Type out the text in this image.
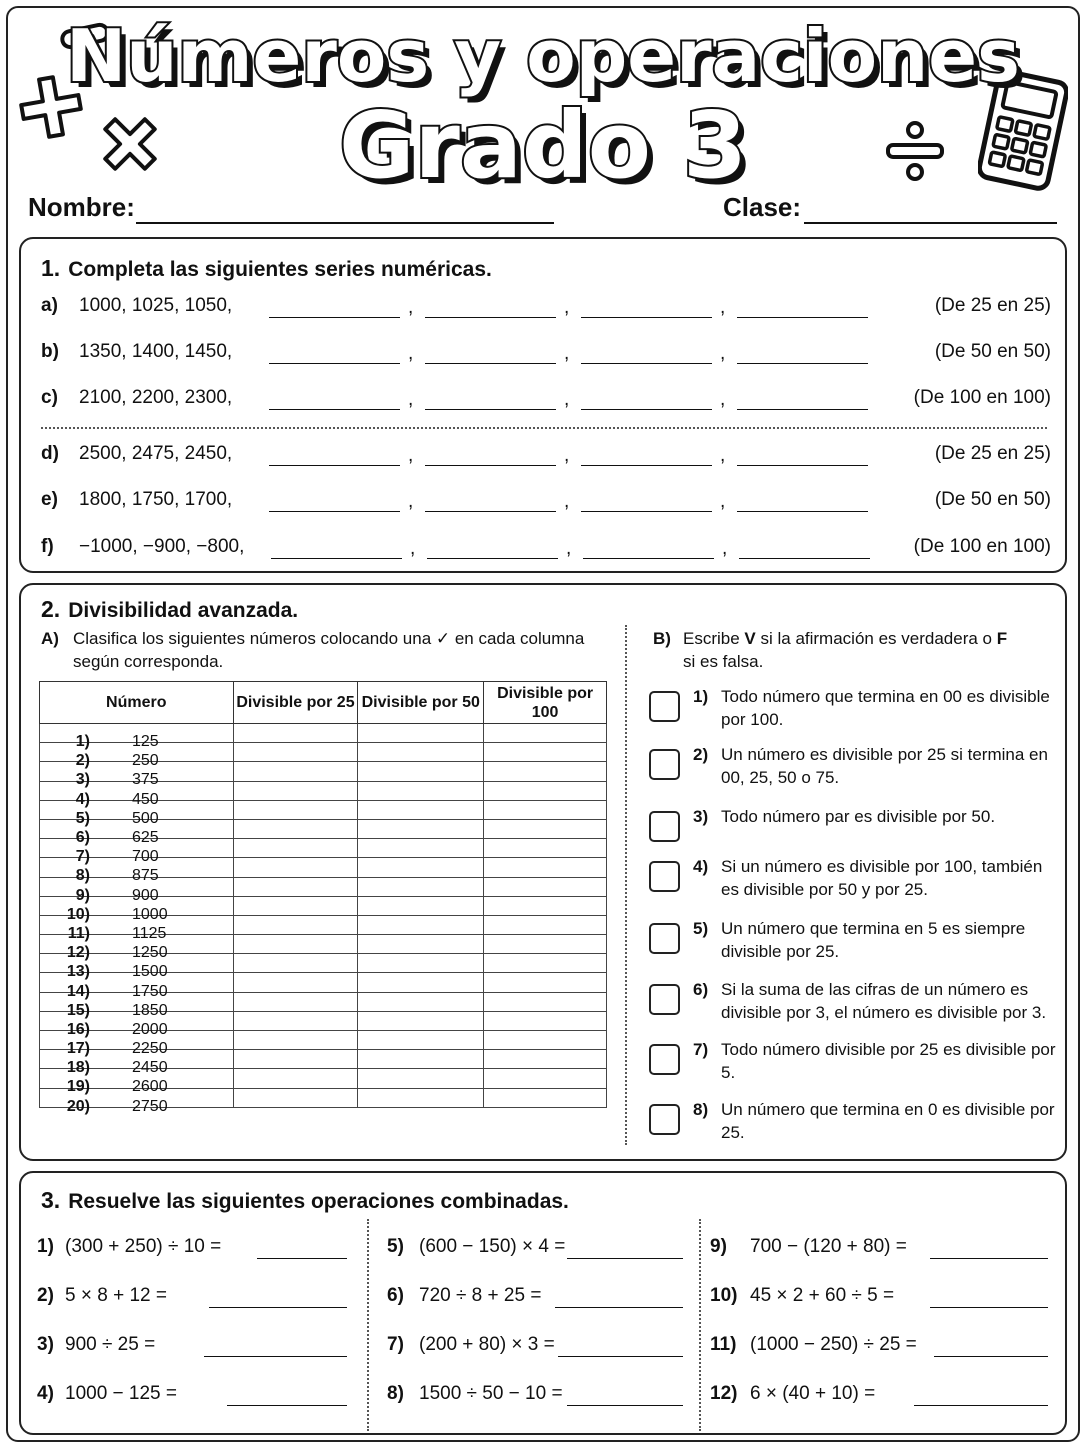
Números y operaciones
Grado 3
Nombre:	Clase:
1. Completa las siguientes series numéricas.
a) 1000, 1025, 1050,	,	,	,	(De 25 en 25)
b) 1350, 1400, 1450,	,	,	,	(De 50 en 50)
c) 2100, 2200, 2300,	,	,	,	(De 100 en 100)
d) 2500, 2475, 2450,	,	,	,	(De 25 en 25)
e) 1800, 1750, 1700,	,	,	,	(De 50 en 50)
f) −1000, −900, −800,	,	,	,	(De 100 en 100)
2. Divisibilidad avanzada.
A) Clasifica los siguientes números colocando una ✓ en cada columna
según corresponda.
Número	Divisible por 25	Divisible por 50	Divisible por 100

1) 125			

2) 250			

3) 375			

4) 450			

5) 500			

6) 625			

7) 700			

8) 875			

9) 900			

10) 1000			

11) 1125			

12) 1250			

13) 1500			

14) 1750			

15) 1850			

16) 2000			

17) 2250			

18) 2450			

19) 2600			

20) 2750			

B) Escribe V si la afirmación es verdadera o F
si es falsa.
1) Todo número que termina en 00 es divisible por 100.
2) Un número es divisible por 25 si termina en 00, 25, 50 o 75.
3) Todo número par es divisible por 50.
4) Si un número es divisible por 100, también es divisible por 50 y por 25.
5) Un número que termina en 5 es siempre divisible por 25.
6) Si la suma de las cifras de un número es divisible por 3, el número es divisible por 3.
7) Todo número divisible por 25 es divisible por 5.
8) Un número que termina en 0 es divisible por 25.
3. Resuelve las siguientes operaciones combinadas.
1) (300 + 250) ÷ 10 =
2) 5 × 8 + 12 =
3) 900 ÷ 25 =
4) 1000 − 125 =
5) (600 − 150) × 4 =
6) 720 ÷ 8 + 25 =
7) (200 + 80) × 3 =
8) 1500 ÷ 50 − 10 =
9) 700 − (120 + 80) =
10) 45 × 2 + 60 ÷ 5 =
11) (1000 − 250) ÷ 25 =
12) 6 × (40 + 10) =
